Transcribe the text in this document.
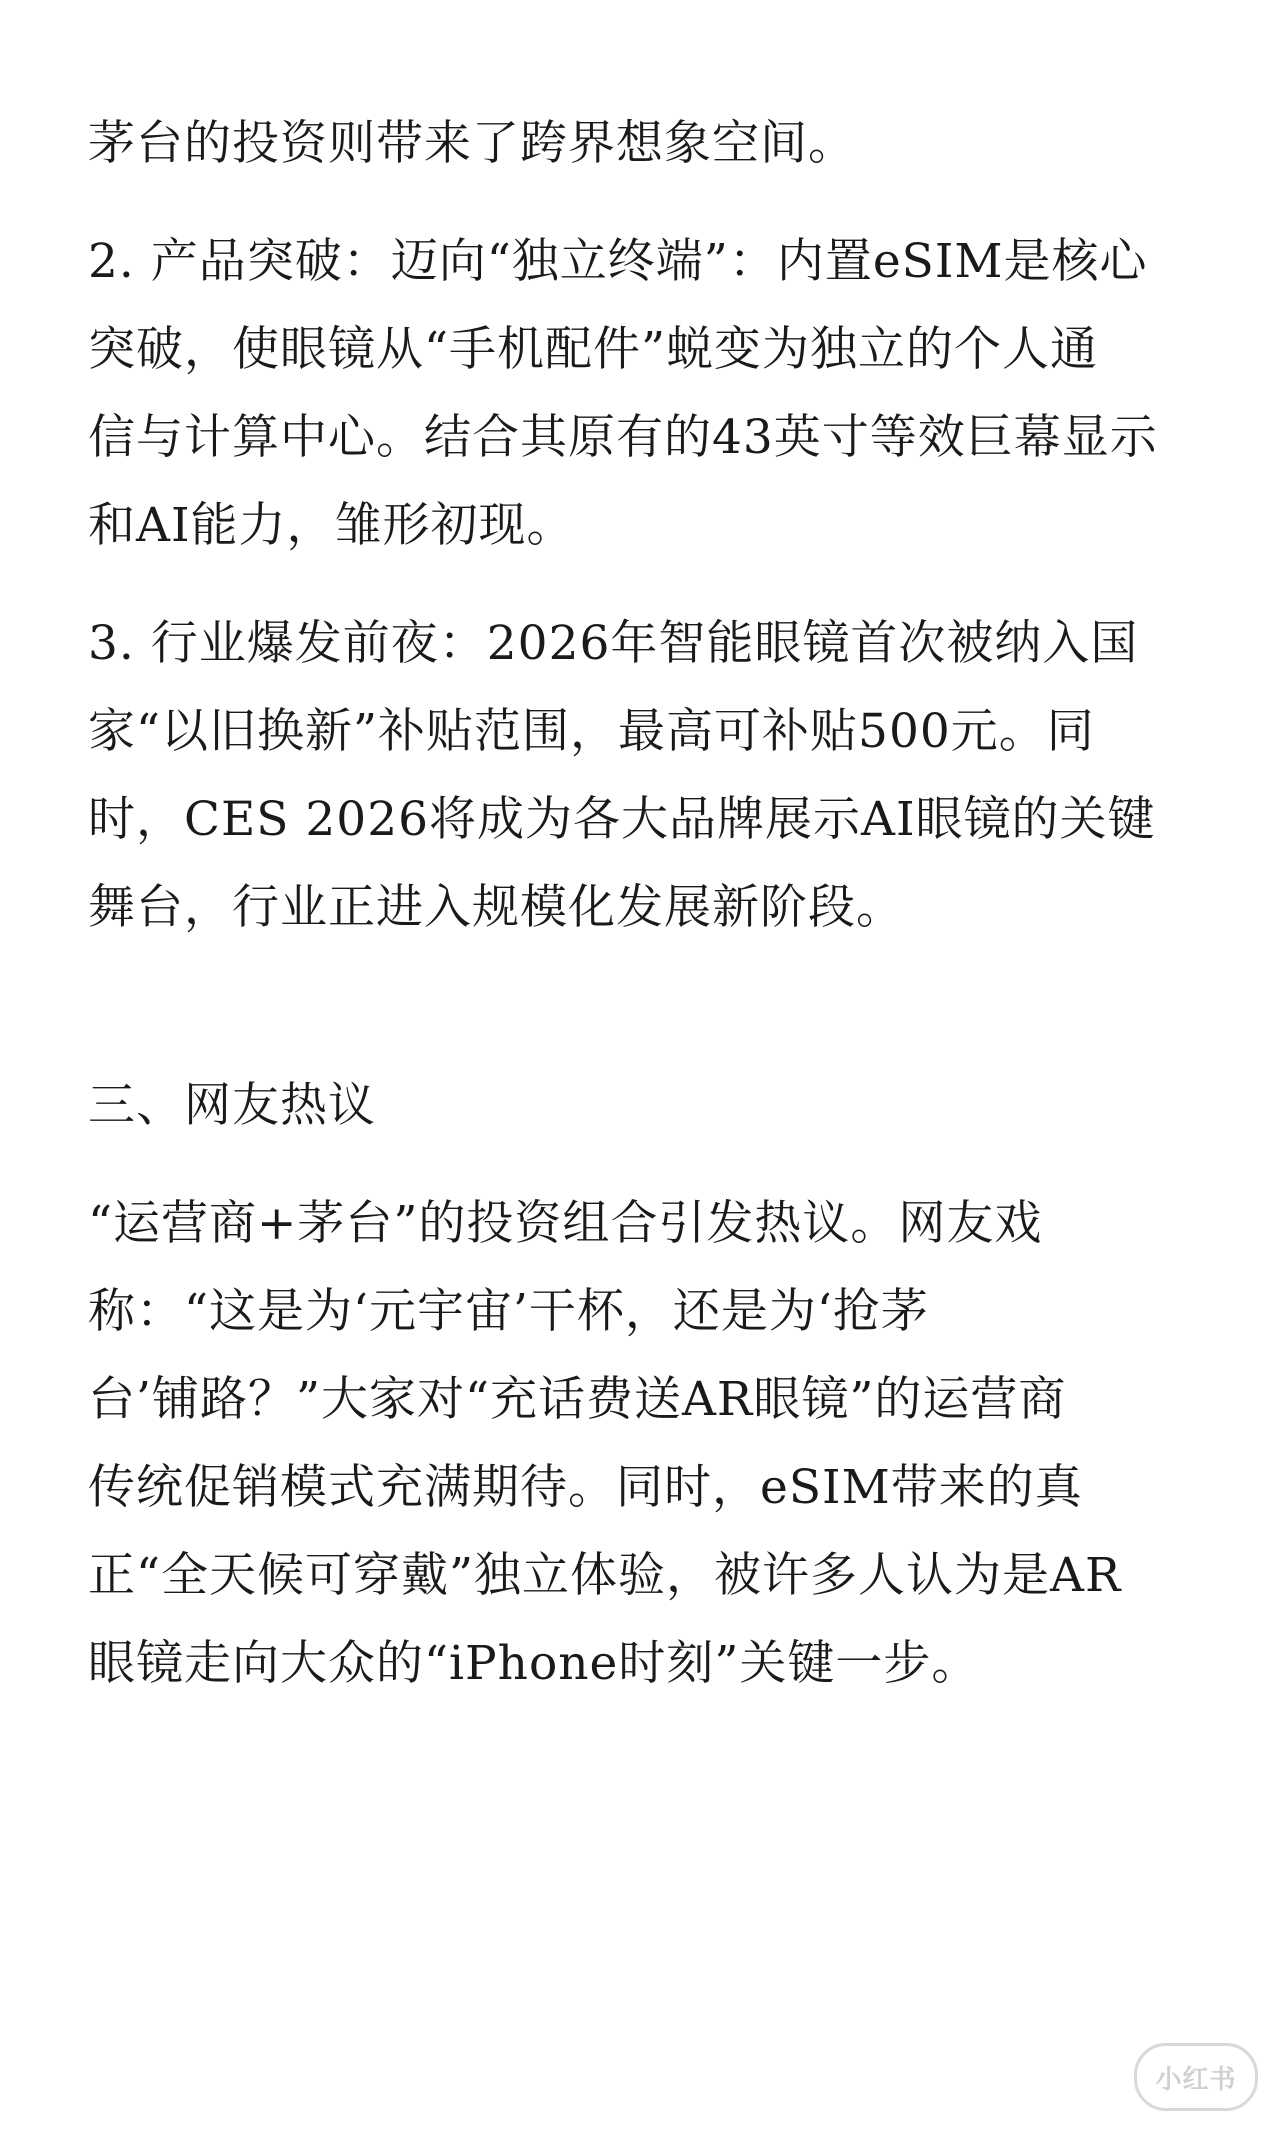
茅台的投资则带来了跨界想象空间。

2. 产品突破：迈向“独立终端”：内置eSIM是核心
突破，使眼镜从“手机配件”蜕变为独立的个人通
信与计算中心。结合其原有的43英寸等效巨幕显示
和AI能力，雏形初现。

3. 行业爆发前夜：2026年智能眼镜首次被纳入国
家“以旧换新”补贴范围，最高可补贴500元。同
时，CES 2026将成为各大品牌展示AI眼镜的关键
舞台，行业正进入规模化发展新阶段。

三、网友热议

“运营商+茅台”的投资组合引发热议。网友戏
称：“这是为‘元宇宙’干杯，还是为‘抢茅
台’铺路？”大家对“充话费送AR眼镜”的运营商
传统促销模式充满期待。同时，eSIM带来的真
正“全天候可穿戴”独立体验，被许多人认为是AR
眼镜走向大众的“iPhone时刻”关键一步。

小红书
